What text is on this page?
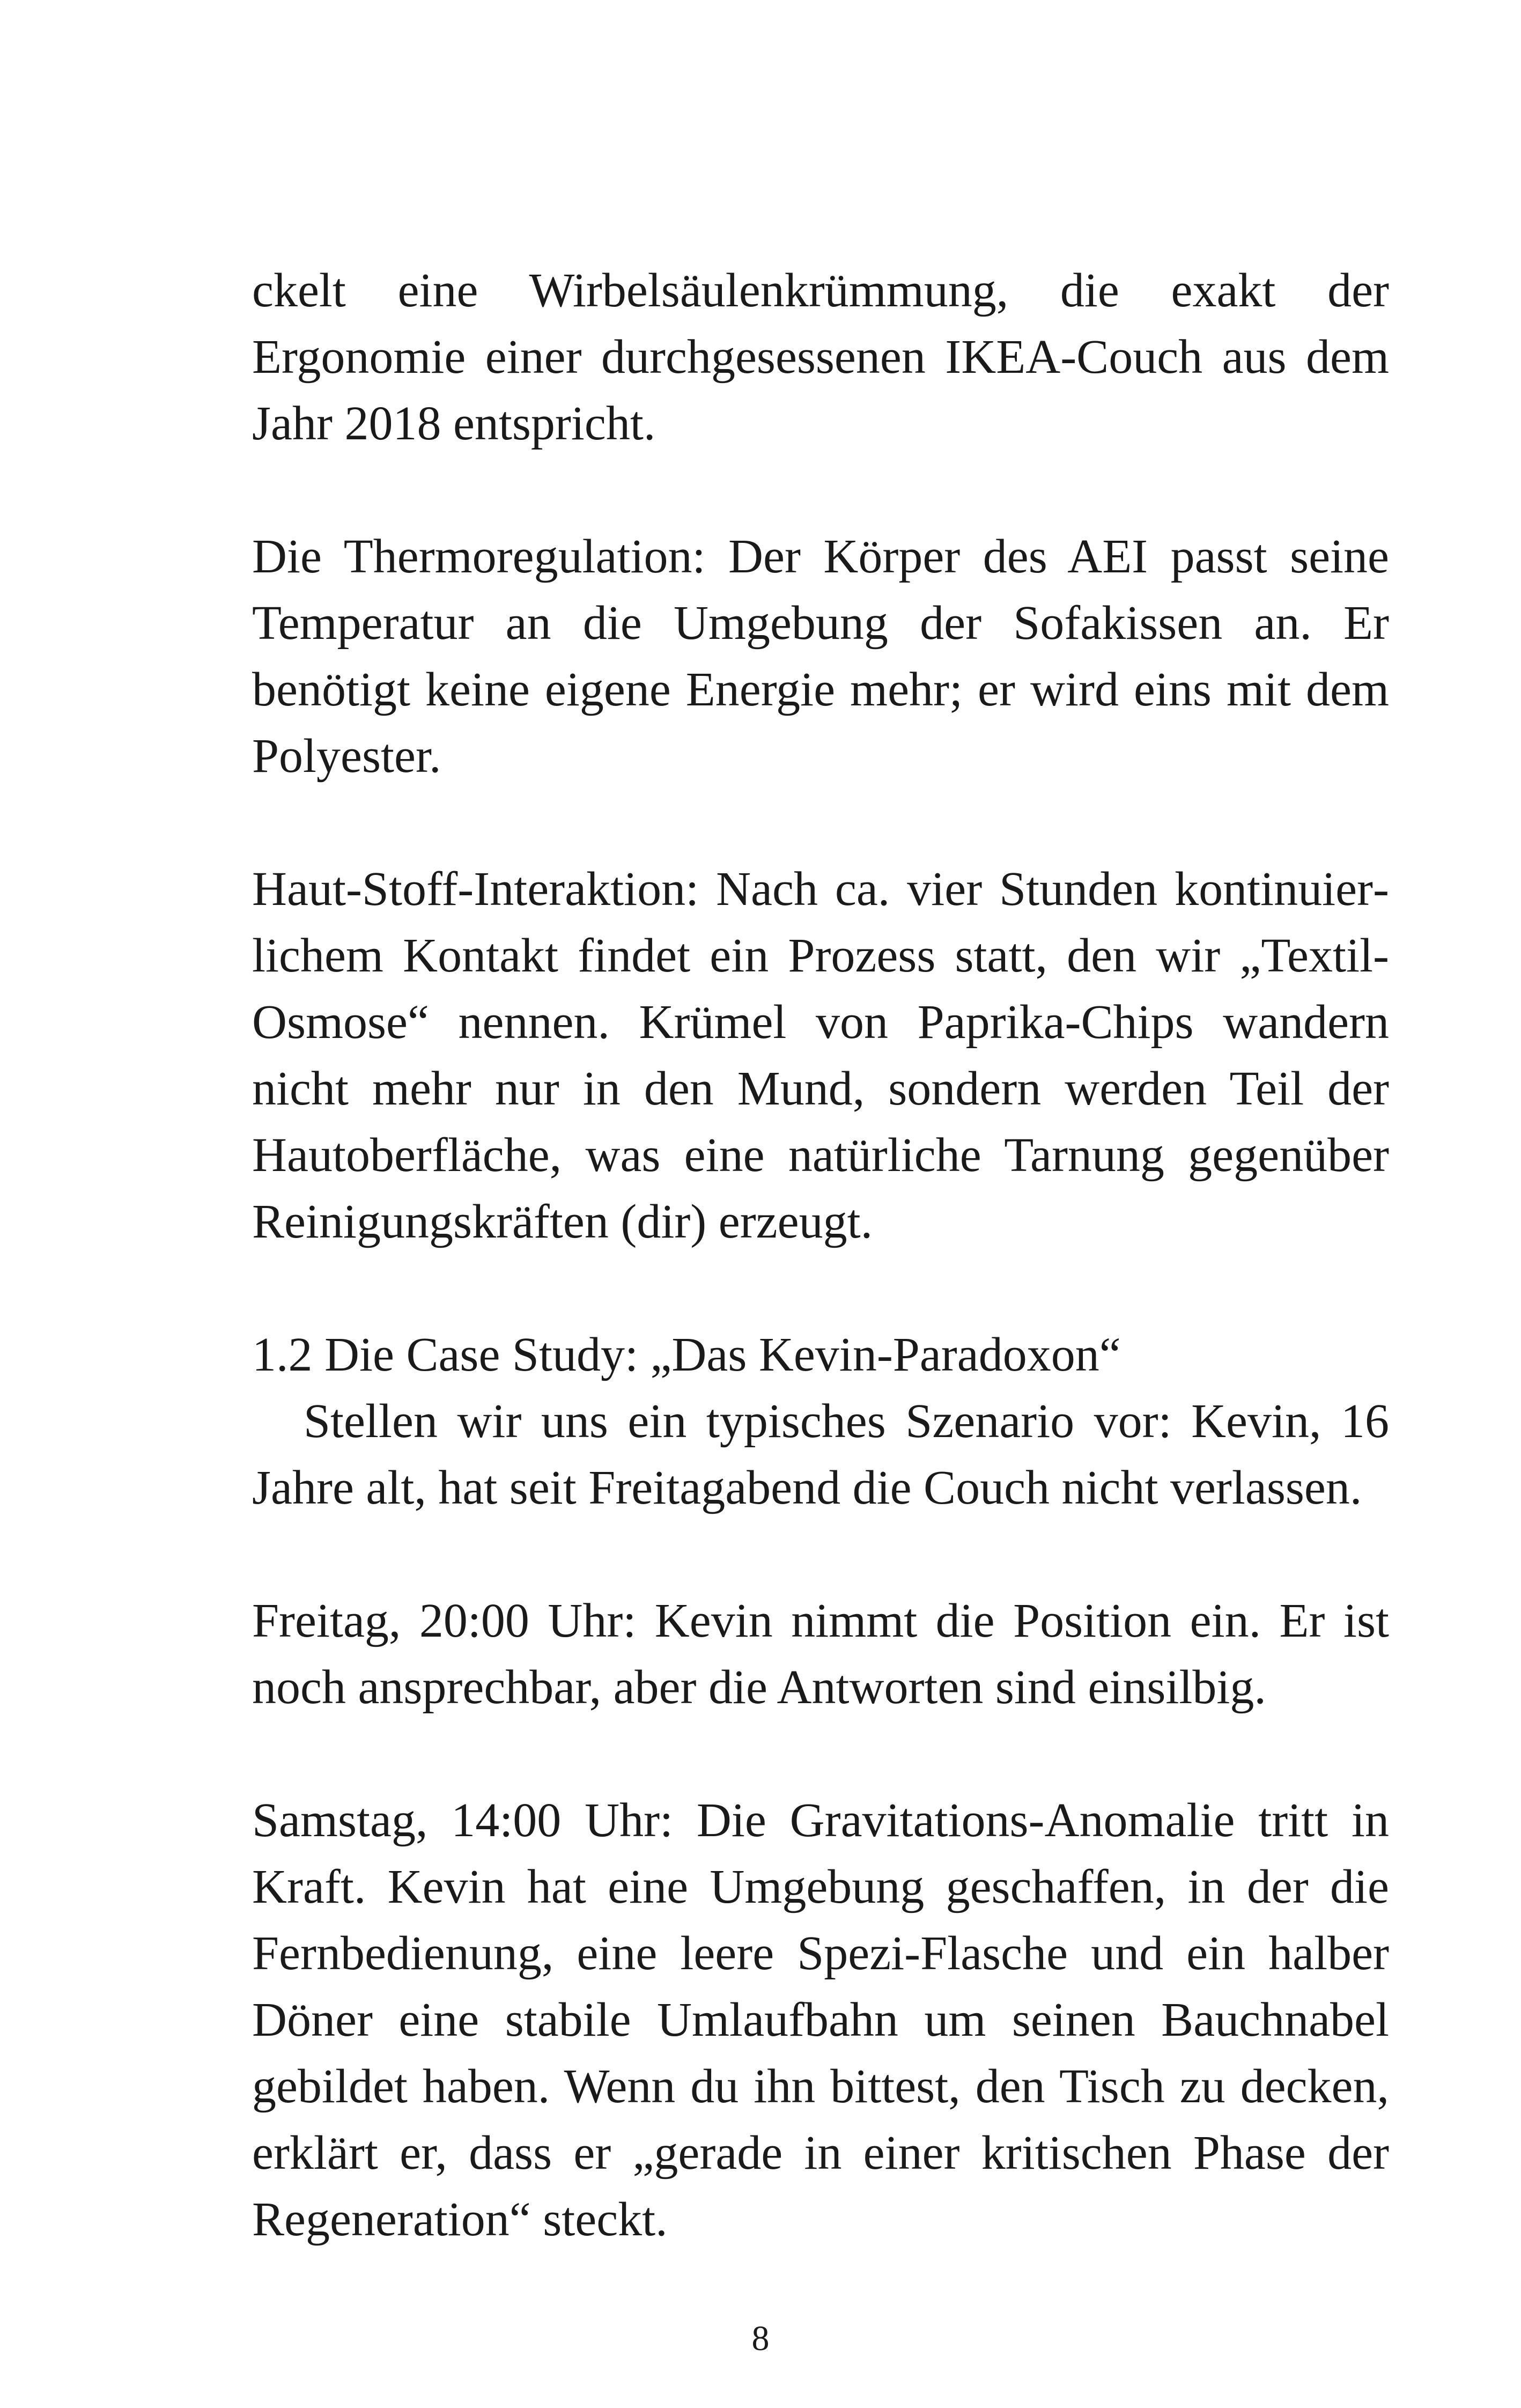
ckelt eine Wirbelsäulenkrümmung, die exakt der Ergonomie einer durchgesessenen IKEA-Couch aus dem Jahr 2018 entspricht.

Die Thermoregulation: Der Körper des AEI passt seine Temperatur an die Umgebung der Sofakissen an. Er benötigt keine eigene Energie mehr; er wird eins mit dem Polyester.

Haut-Stoff-Interaktion: Nach ca. vier Stunden kontinuierlichem Kontakt findet ein Prozess statt, den wir „Textil-Osmose“ nennen. Krümel von Paprika-Chips wandern nicht mehr nur in den Mund, sondern werden Teil der Hautoberfläche, was eine natürliche Tarnung gegenüber Reinigungskräften (dir) erzeugt.

1.2 Die Case Study: „Das Kevin-Paradoxon“

Stellen wir uns ein typisches Szenario vor: Kevin, 16 Jahre alt, hat seit Freitagabend die Couch nicht verlassen.

Freitag, 20:00 Uhr: Kevin nimmt die Position ein. Er ist noch ansprechbar, aber die Antworten sind einsilbig.

Samstag, 14:00 Uhr: Die Gravitations-Anomalie tritt in Kraft. Kevin hat eine Umgebung geschaffen, in der die Fernbedienung, eine leere Spezi-Flasche und ein halber Döner eine stabile Umlaufbahn um seinen Bauchnabel gebildet haben. Wenn du ihn bittest, den Tisch zu decken, erklärt er, dass er „gerade in einer kritischen Phase der Regeneration“ steckt.

8
